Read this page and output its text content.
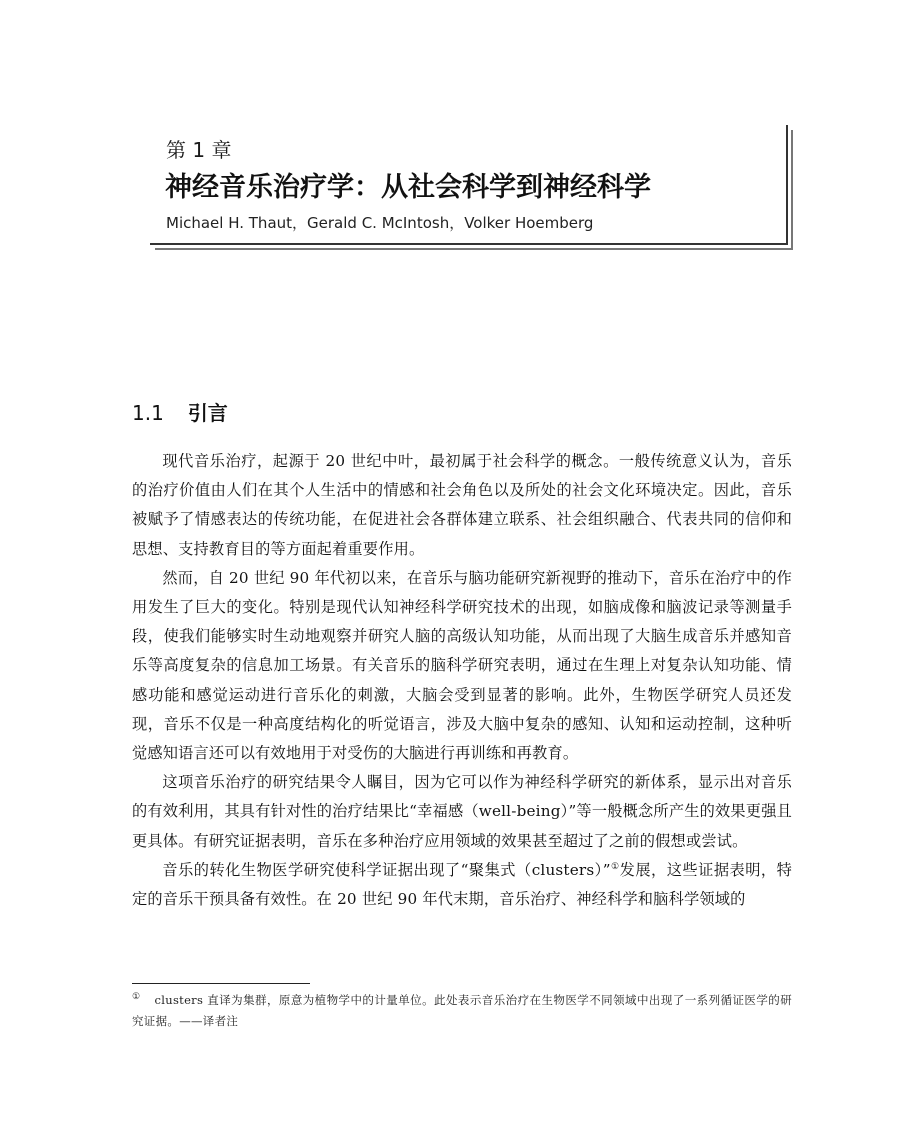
第 1 章
神经音乐治疗学：从社会科学到神经科学
Michael H. Thaut，Gerald C. McIntosh，Volker Hoemberg
1.1 引言

现代音乐治疗，起源于 20 世纪中叶，最初属于社会科学的概念。一般传统意义认为，音乐的治疗价值由人们在其个人生活中的情感和社会角色以及所处的社会文化环境决定。因此，音乐被赋予了情感表达的传统功能，在促进社会各群体建立联系、社会组织融合、代表共同的信仰和思想、支持教育目的等方面起着重要作用。

然而，自 20 世纪 90 年代初以来，在音乐与脑功能研究新视野的推动下，音乐在治疗中的作用发生了巨大的变化。特别是现代认知神经科学研究技术的出现，如脑成像和脑波记录等测量手段，使我们能够实时生动地观察并研究人脑的高级认知功能，从而出现了大脑生成音乐并感知音乐等高度复杂的信息加工场景。有关音乐的脑科学研究表明，通过在生理上对复杂认知功能、情感功能和感觉运动进行音乐化的刺激，大脑会受到显著的影响。此外，生物医学研究人员还发现，音乐不仅是一种高度结构化的听觉语言，涉及大脑中复杂的感知、认知和运动控制，这种听觉感知语言还可以有效地用于对受伤的大脑进行再训练和再教育。

这项音乐治疗的研究结果令人瞩目，因为它可以作为神经科学研究的新体系，显示出对音乐的有效利用，其具有针对性的治疗结果比“幸福感（well-being）”等一般概念所产生的效果更强且更具体。有研究证据表明，音乐在多种治疗应用领域的效果甚至超过了之前的假想或尝试。

音乐的转化生物医学研究使科学证据出现了“聚集式（clusters）”①发展，这些证据表明，特定的音乐干预具备有效性。在 20 世纪 90 年代末期，音乐治疗、神经科学和脑科学领域的

① clusters 直译为集群，原意为植物学中的计量单位。此处表示音乐治疗在生物医学不同领域中出现了一系列循证医学的研究证据。——译者注
